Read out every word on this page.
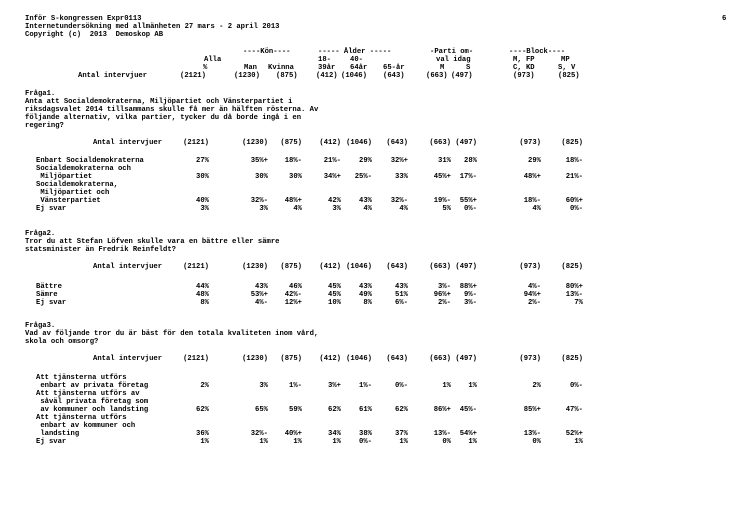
Inför S-kongressen Expr0113
Internetundersökning med allmänheten 27 mars - 2 april 2013
Copyright (c)  2013  Demoskop AB
6
----Kön----	----- Ålder -----	-Parti om-	----Block----
Alla	18-	40-	val idag	M, FP	MP
%	Man Kvinna	39år 64år 65-år	M	S	C, KD	S, V
Antal intervjuer	(2121)	(1230) (875)	(412) (1046) (643)	(663) (497)	(973)	(825)
Fråga1.
Anta att Socialdemokraterna, Miljöpartiet och Vänsterpartiet i
riksdagsvalet 2014 tillsammans skulle få mer än hälften rösterna. Av
följande alternativ, vilka partier, tycker du då borde ingå i en
regering?
Antal intervjuer	(2121)	(1230) (875) (412) (1046) (643)	(663) (497)	(973)	(825)
Enbart Socialdemokraterna	27%	35%+ 18%-	21%-	29%	32%+	31% 28%	29%	18%-
Socialdemokraterna och
Miljöpartiet	30%	30%	30%	34%+ 25%-	33%	45%+ 17%-	48%+	21%-
Socialdemokraterna,
Miljöpartiet och
Vänsterpartiet	40%	32%- 48%+	42%	43%	32%-	19%- 55%+	18%-	60%+
Ej svar	3%	3%	4%	3%	4%	4%	5% 0%-	4%	0%-
Fråga2.
Tror du att Stefan Löfven skulle vara en bättre eller sämre
statsminister än Fredrik Reinfeldt?
Antal intervjuer	(2121)	(1230) (875) (412) (1046) (643)	(663) (497)	(973)	(825)
Bättre	44%	43%	46%	45%	43%	43%	3%- 88%+	4%-	80%+
Sämre	48%	53%+ 42%-	45%	49%	51%	96%+ 9%-	94%+	13%-
Ej svar	8%	4%- 12%+	10%	8%	6%-	2%- 3%-	2%-	7%
Fråga3.
Vad av följande tror du är bäst för den totala kvaliteten inom vård,
skola och omsorg?
Antal intervjuer	(2121)	(1230) (875) (412) (1046) (643)	(663) (497)	(973)	(825)
Att tjänsterna utförs
enbart av privata företag	2%	3%	1%-	3%+	1%-	0%-	1% 1%	2%	0%-
Att tjänsterna utförs av
såväl privata företag som
av kommuner och landsting	62%	65%	59%	62%	61%	62%	86%+ 45%-	85%+	47%-
Att tjänsterna utförs
enbart av kommuner och
landsting	36%	32%- 40%+	34%	38%	37%	13%- 54%+	13%-	52%+
Ej svar	1%	1%	1%	1%	0%-	1%	0% 1%	0%	1%
